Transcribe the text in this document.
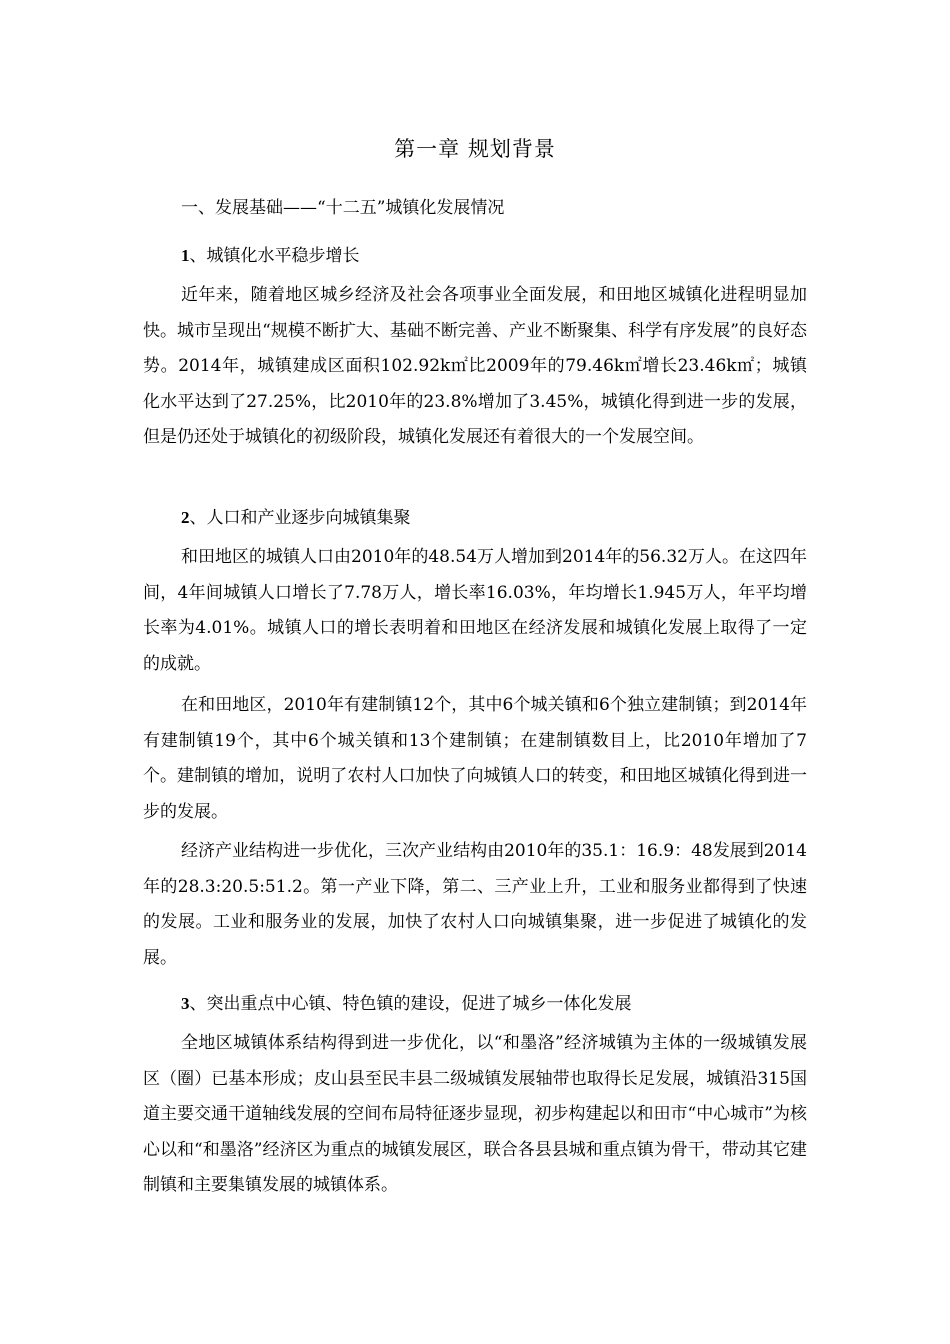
第一章 规划背景
一、发展基础——“十二五”城镇化发展情况
1、城镇化水平稳步增长
近年来，随着地区城乡经济及社会各项事业全面发展，和田地区城镇化进程明显加快。城市呈现出“规模不断扩大、基础不断完善、产业不断聚集、科学有序发展”的良好态势。2014年，城镇建成区面积102.92k㎡比2009年的79.46k㎡增长23.46k㎡；城镇化水平达到了27.25%，比2010年的23.8%增加了3.45%，城镇化得到进一步的发展，但是仍还处于城镇化的初级阶段，城镇化发展还有着很大的一个发展空间。
2、人口和产业逐步向城镇集聚
和田地区的城镇人口由2010年的48.54万人增加到2014年的56.32万人。在这四年间，4年间城镇人口增长了7.78万人，增长率16.03%，年均增长1.945万人，年平均增长率为4.01%。城镇人口的增长表明着和田地区在经济发展和城镇化发展上取得了一定的成就。
在和田地区，2010年有建制镇12个，其中6个城关镇和6个独立建制镇；到2014年有建制镇19个，其中6个城关镇和13个建制镇；在建制镇数目上，比2010年增加了7个。建制镇的增加，说明了农村人口加快了向城镇人口的转变，和田地区城镇化得到进一步的发展。
经济产业结构进一步优化，三次产业结构由2010年的35.1：16.9：48发展到2014年的28.3:20.5:51.2。第一产业下降，第二、三产业上升，工业和服务业都得到了快速的发展。工业和服务业的发展，加快了农村人口向城镇集聚，进一步促进了城镇化的发展。
3、突出重点中心镇、特色镇的建设，促进了城乡一体化发展
全地区城镇体系结构得到进一步优化，以“和墨洛”经济城镇为主体的一级城镇发展区（圈）已基本形成；皮山县至民丰县二级城镇发展轴带也取得长足发展，城镇沿315国道主要交通干道轴线发展的空间布局特征逐步显现，初步构建起以和田市“中心城市”为核心以和“和墨洛”经济区为重点的城镇发展区，联合各县县城和重点镇为骨干，带动其它建制镇和主要集镇发展的城镇体系。
